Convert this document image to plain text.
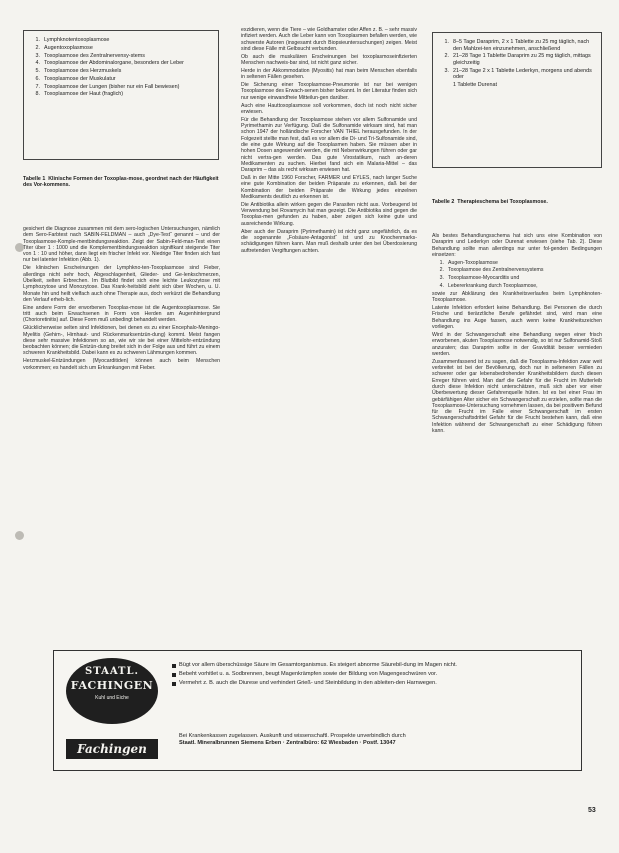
1. Lymphknotentoxoplasmose
2. Augentoxoplasmose
3. Toxoplasmose des Zentralnervensy-stems
4. Toxoplasmose der Abdominalorgane, besonders der Leber
5. Toxoplasmose des Herzmuskels
6. Toxoplasmose der Muskulatur
7. Toxoplasmose der Lungen (bisher nur ein Fall bewiesen)
8. Toxoplasmose der Haut (fraglich)
Tabelle 1 Klinische Formen der Toxoplas-mose, geordnet nach der Häufigkeit des Vor-kommens.

gesichert die Diagnose zusammen mit dem sero-logischen Untersuchungen, nämlich dem Sero-Farbtest nach SABIN-FELDMAN – auch „Dye-Test“ genannt – und der Toxoplasmose-Komple-mentbindungsreaktion. Zeigt der Sabin-Feld-man-Test einen Titer über 1 : 1000 und die Komplementbindungsreaktion signifikant steigende Titer von 1 : 10 und höher, dann liegt ein frischer Infekt vor. Niedrige Titer finden sich fast nur bei latenter Infektion (Abb. 1).

Die klinischen Erscheinungen der Lymphkno-ten-Toxoplasmose sind Fieber, allerdings nicht sehr hoch, Abgeschlagenheit, Glieder- und Ge-lenkschmerzen, Übelkeit, selten Erbrechen. Im Blutbild findet sich eine leichte Leukozytose mit Lymphozytose und Monozytose. Das Krank-heitsbild zieht sich über Wochen, u. U. Monate hin und heilt vielfach auch ohne Therapie aus, doch verkürzt die Behandlung den Verlauf erheb-lich.

Eine andere Form der erworbenen Toxoplas-mose ist die Augentoxoplasmose. Sie tritt auch beim Erwachsenen in Form von Herden am Augenhintergrund (Chorioretinitis) auf. Diese Form muß unbedingt behandelt werden.

Glücklicherweise selten sind Infektionen, bei denen es zu einer Encephalo-Meningo-Myelitis (Gehirn-, Hirnhaut- und Rückenmarksentzün-dung) kommt. Meist fangen diese sehr massive Infektionen so an, wie wir sie bei einer Mittelohr-entzündung beobachten können; die Entzün-dung breitet sich in der Folge aus und führt zu einem schweren Krankheitsbild. Dabei kann es zu schweren Lähmungen kommen.

Herzmuskel-Entzündungen (Myocarditiden) können auch beim Menschen vorkommen; es handelt sich um Erkrankungen mit Fieber.

exzidieren, wenn die Tiere – wie Goldhamster oder Affen z. B. – sehr massiv infiziert werden. Auch die Leber kann von Toxoplasmen befallen werden, wie schwerste Autoren (insgesamt durch Biopsieuntersuchungen) zeigen. Meist sind diese Fälle mit Gelbsucht verbunden.

Ob auch die muskulären Erscheinungen bei toxoplasmoseinfizierten Menschen nachweis-bar sind, ist nicht ganz sicher.

Herde in der Akkommodation (Myositis) hat man beim Menschen ebenfalls in seltenen Fällen gesehen.

Die Sicherung einer Toxoplasmose-Pneumonie ist nur bei wenigen Toxoplasmose des Erwach-senen bisher bekannt. In der Literatur finden sich nur wenige einwandfreie Mitteilun-gen darüber.

Auch eine Hauttoxoplasmose soll vorkommen, doch ist noch nicht sicher erwiesen.

Für die Behandlung der Toxoplasmose stehen vor allem Sulfonamide und Pyrimethamin zur Verfügung. Daß die Sulfonamide wirksam sind, hat man schon 1947 der holländische Forscher VAN THIEL herausgefunden. In der Folgezeit stellte man fest, daß es vor allem die Di- und Tri-Sulfonamide sind, die eine gute Wirkung auf die Toxoplasmen haben. Sie müssen aber in hohen Dosen angewendet werden, die mit Nebenwirkungen führen oder gar nicht vertra-gen werden. Das gute Virostatikum, nach an-deren Medikamenten zu suchen. Hierbei fand sich ein Malaria-Mittel – das Daraprim – das als recht wirksam erwiesen hat.

Daß in der Mitte 1960 Forscher, FARMER und EYLES, nach langer Suche eine gute Kombination der beiden Präparate zu erkennen, daß bei der Kombination der beiden Präparate die Wirkung jedes einzelnen Medikaments deutlich zu erkennen ist.

Die Antibiotika allein wirken gegen die Parasiten nicht aus. Vorbeugend ist Verwendung bei Rovamycin hat man gezeigt. Die Antibiotika sind gegen die Toxoplas-men gefunden zu haben, aber zeigen sich keine gute und ausreichende Wirkung.

Aber auch der Daraprim (Pyrimethamin) ist nicht ganz ungefährlich, da es die sogenannte „Folsäure-Antagonist“ ist und zu Knochenmarks-schädigungen führen kann. Man muß deshalb unter den bei Überdosierung auftretenden Vergiftungen achten.

1. 8–5 Tage Daraprim, 2 x 1 Tablette zu 25 mg täglich, nach den Mahlzei-ten einzunehmen, anschließend
2. 21–28 Tage 1 Tablette Daraprim zu 25 mg täglich, mittags gleichzeitig
3. 21–28 Tage 2 x 1 Tablette Lederkyn, morgens und abends oder
1 Tablette Durenat
Tabelle 2 Therapieschema bei Toxoplasmose.

Als bestes Behandlungsschema hat sich uns eine Kombination von Daraprim und Lederkyn oder Durenat erwiesen (siehe Tab. 2). Diese Behandlung sollte man allerdings nur unter fol-genden Bedingungen einsetzen:

1. Augen-Toxoplasmose
2. Toxoplasmose des Zentralnervensystems
3. Toxoplasmose-Myocarditis und
4. Lebererkrankung durch Toxoplasmose,

sowie zur Abklärung des Krankheitsverlaufes beim Lymphknoten-Toxoplasmose.

Latente Infektion erfordert keine Behandlung. Bei Personen die durch Frische und tierärztliche Berufe gefährdet sind, wird man eine Behandlung ins Auge fassen, auch wenn keine Krankheitszeichen vorliegen.

Wird in der Schwangerschaft eine Behandlung wegen einer frisch erworbenen, akuten Toxoplasmose notwendig, so ist nur Sulfonamid-Stoß anzuraten; das Daraprim sollte in der Gravidität besser vermieden werden.

Zusammenfassend ist zu sagen, daß die Toxoplasma-Infektion zwar weit verbreitet ist bei der Bevölkerung, doch nur in selteneren Fällen zu schwerer oder gar lebensbedrohender Krankheitsbildern durch diesen Erreger führen wird. Man darf die Gefahr für die Frucht im Mutterleib durch diese Infektion nicht unterschätzen, muß sich aber vor einer Überbewertung dieser Gefahrenquelle hüten. Ist es bei einer Frau im gebärfähigen Alter sicher ein Schwangerschaft zu erzielen, sollte man die Toxoplasmose-Untersuchung vornehmen lassen, da bei positivem Befund für die Frucht im Falle einer Schwangerschaft im ersten Schwangerschaftsdrittel Gefahr für die Frucht bestehen kann, daß eine Infektion während der Schwangerschaft zu einer Schädigung führen kann.

STAATL.
FACHINGEN
Kuhl und Eiche
Fachingen
Bügt vor allem überschüssige Säure im Gesamtorganismus. Es steigert abnorme Säurebil-dung im Magen nicht.
Bebeht vorhitlet u. a. Sodbrennen, beugt Magenkrämpfen sowie der Bildung von Magengeschwüren vor.
Vermehrt z. B. auch die Diurese und verhindert Grieß- und Steinbildung in den ableiten-den Harnwegen.
Bei Krankenkassen zugelassen. Auskunft und wissenschaftl. Prospekte unverbindlich durch
Staatl. Mineralbrunnen Siemens Erben · Zentralbüro: 62 Wiesbaden · Postf. 13047
53
